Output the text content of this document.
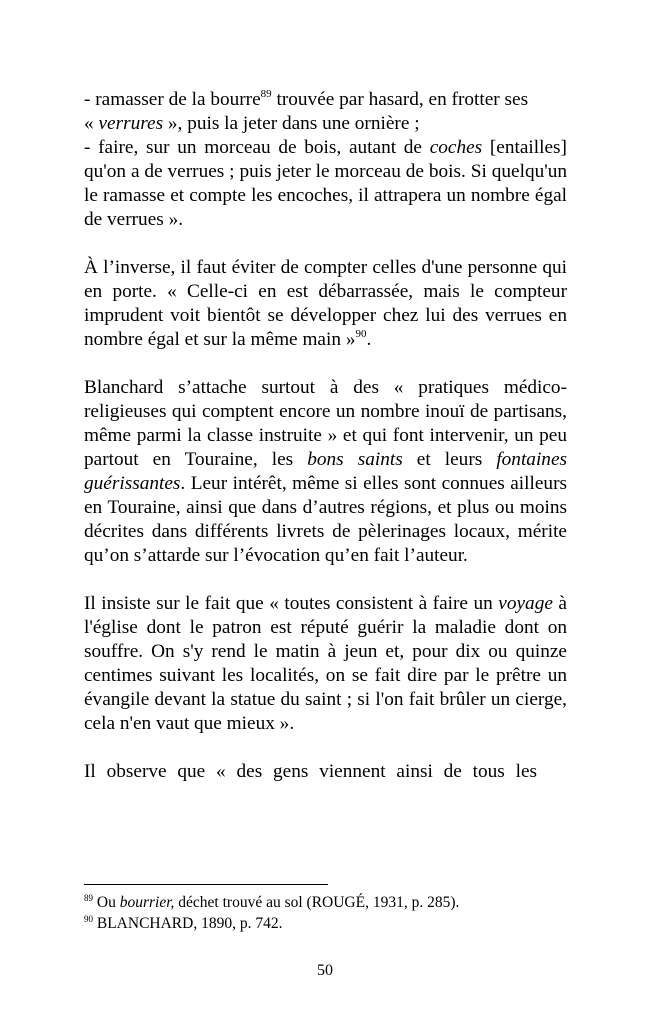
- ramasser de la bourre$^{89}$ trouvée par hasard, en frotter ses
« verrures », puis la jeter dans une ornière ;

- faire, sur un morceau de bois, autant de coches [entailles] qu'on a de verrues ; puis jeter le morceau de bois. Si quelqu'un le ramasse et compte les encoches, il attrapera un nombre égal de verrues ».

À l’inverse, il faut éviter de compter celles d'une personne qui en porte. « Celle-ci en est débarrassée, mais le compteur imprudent voit bientôt se développer chez lui des verrues en nombre égal et sur la même main »$^{90}$.

Blanchard s’attache surtout à des « pratiques médico-religieuses qui comptent encore un nombre inouï de partisans, même parmi la classe instruite » et qui font intervenir, un peu partout en Touraine, les bons saints et leurs fontaines guérissantes. Leur intérêt, même si elles sont connues ailleurs en Touraine, ainsi que dans d’autres régions, et plus ou moins décrites dans différents livrets de pèlerinages locaux, mérite qu’on s’attarde sur l’évocation qu’en fait l’auteur.

Il insiste sur le fait que « toutes consistent à faire un voyage à l'église dont le patron est réputé guérir la maladie dont on souffre. On s'y rend le matin à jeun et, pour dix ou quinze centimes suivant les localités, on se fait dire par le prêtre un évangile devant la statue du saint ; si l'on fait brûler un cierge, cela n'en vaut que mieux ».

Il observe que « des gens viennent ainsi de tous les

$^{89}$ Ou bourrier, déchet trouvé au sol (ROUGÉ, 1931, p. 285).

$^{90}$ BLANCHARD, 1890, p. 742.

50
